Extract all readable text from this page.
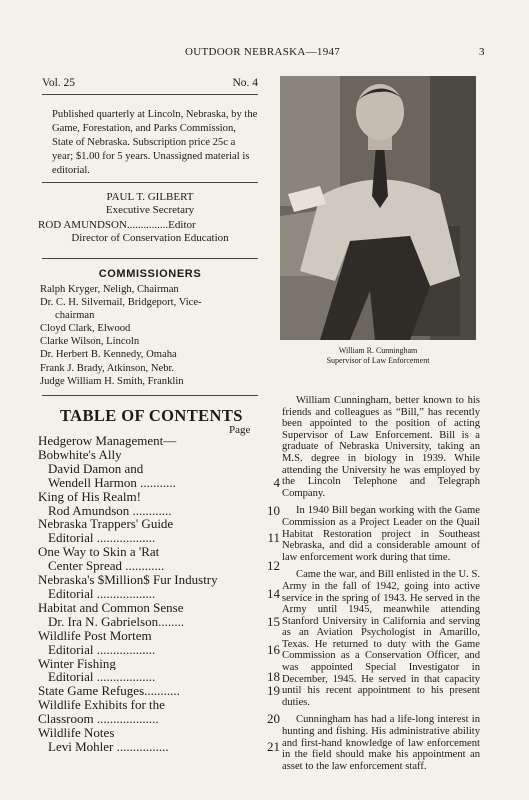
OUTDOOR NEBRASKA—1947	3
Vol. 25	No. 4
Published quarterly at Lincoln, Nebraska, by the Game, Forestation, and Parks Commission, State of Nebraska. Subscription price 25c a year; $1.00 for 5 years. Unassigned material is editorial.
PAUL T. GILBERT
Executive Secretary
ROD AMUNDSON...............Editor
Director of Conservation Education
COMMISSIONERS
Ralph Kryger, Neligh, Chairman
Dr. C. H. Silvernail, Bridgeport, Vice-
chairman
Cloyd Clark, Elwood
Clarke Wilson, Lincoln
Dr. Herbert B. Kennedy, Omaha
Frank J. Brady, Atkinson, Nebr.
Judge William H. Smith, Franklin
TABLE OF CONTENTS
Page
Hedgerow Management—
Bobwhite's Ally
David Damon and
Wendell Harmon ...........	4
King of His Realm!
Rod Amundson ............	10
Nebraska Trappers' Guide
Editorial ..................	11
One Way to Skin a 'Rat
Center Spread ............	12
Nebraska's $Million$ Fur Industry
Editorial ..................	14
Habitat and Common Sense
Dr. Ira N. Gabrielson........	15
Wildlife Post Mortem
Editorial ..................	16
Winter Fishing
Editorial ..................	18
State Game Refuges...........	19
Wildlife Exhibits for the
Classroom ...................	20
Wildlife Notes
Levi Mohler ................	21
William R. Cunningham
Supervisor of Law Enforcement

William Cunningham, better known to his friends and colleagues as “Bill,” has recently been appointed to the position of acting Supervisor of Law Enforcement. Bill is a graduate of Nebraska University, taking an M.S. degree in biology in 1939. While attending the University he was employed by the Lincoln Telephone and Telegraph Company.

In 1940 Bill began working with the Game Commission as a Project Leader on the Quail Habitat Restoration project in Southeast Nebraska, and did a considerable amount of law enforcement work during that time.

Came the war, and Bill enlisted in the U. S. Army in the fall of 1942, going into active service in the spring of 1943. He served in the Army until 1945, meanwhile attending Stanford University in California and serving as an Aviation Psychologist in Amarillo, Texas. He returned to duty with the Game Commission as a Conservation Officer, and was appointed Special Investigator in December, 1945. He served in that capacity until his recent appointment to his present duties.

Cunningham has had a life-long interest in hunting and fishing. His administrative ability and first-hand knowledge of law enforcement in the field should make his appointment an asset to the law enforcement staff.
